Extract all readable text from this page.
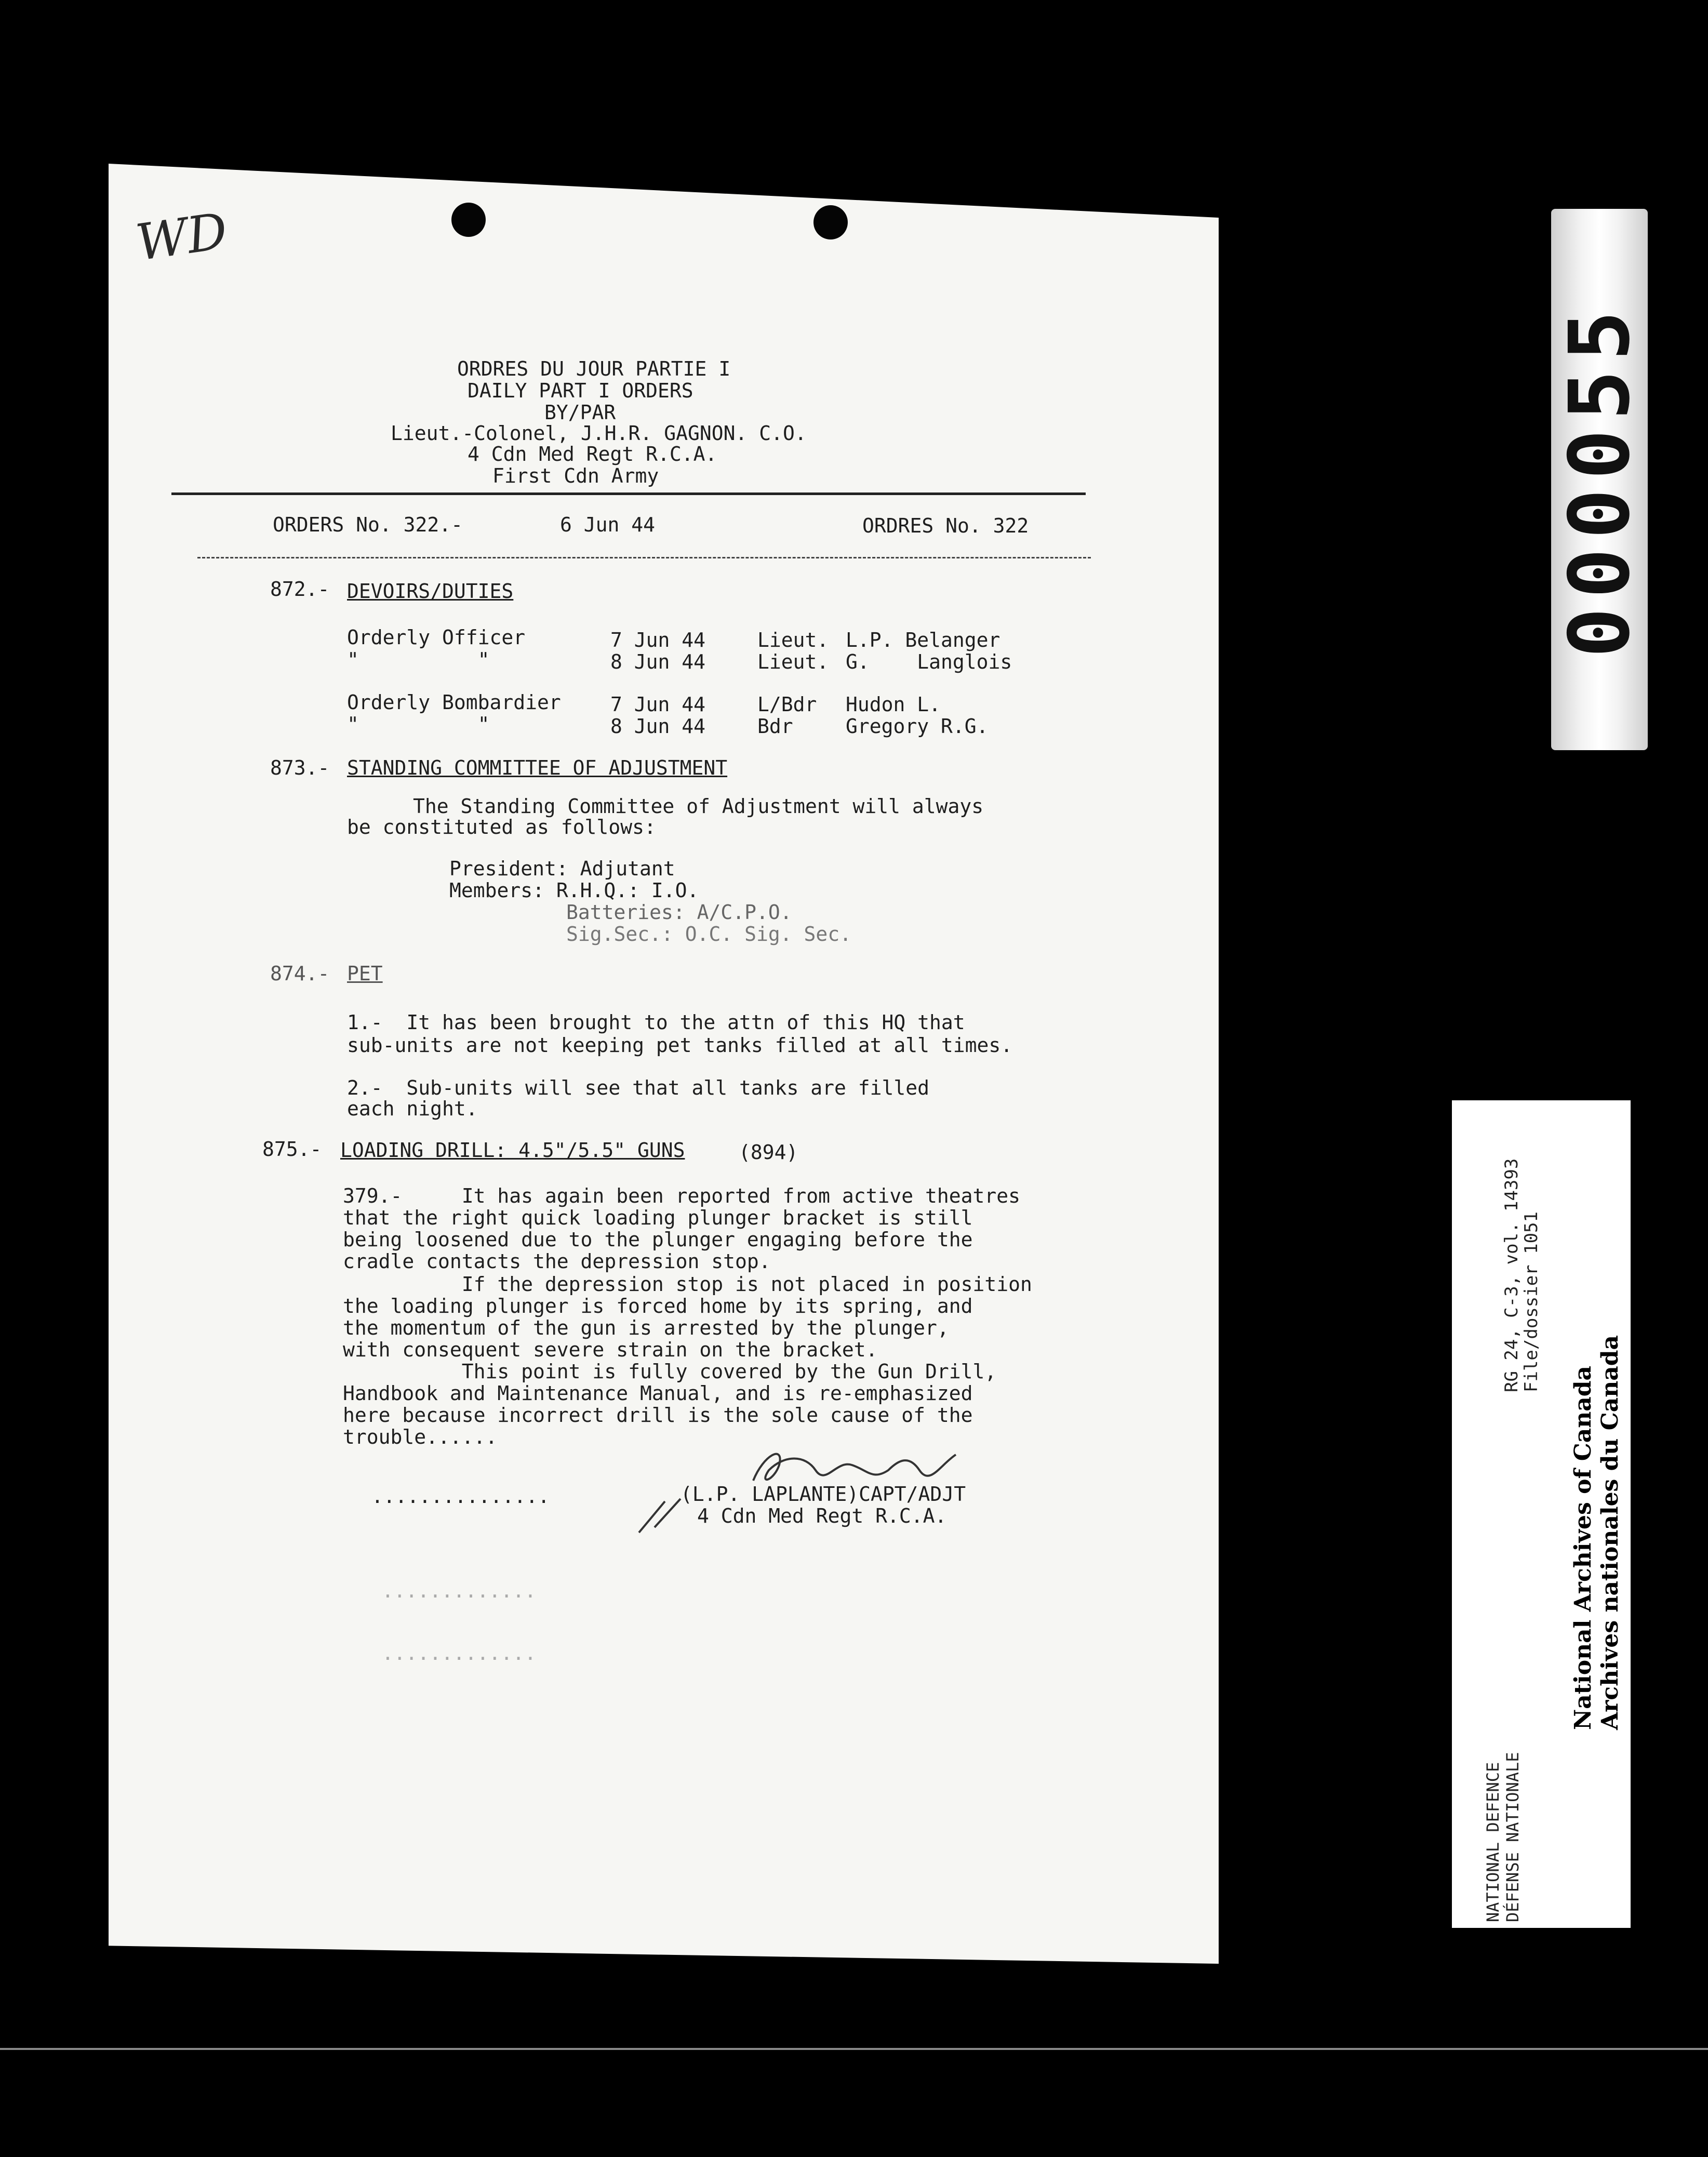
WD
ORDRES DU JOUR PARTIE I
DAILY PART I ORDERS
BY/PAR
Lieut.-Colonel, J.H.R. GAGNON. C.O.
4 Cdn Med Regt R.C.A.
First Cdn Army
ORDERS No. 322.-	6 Jun 44	ORDRES No. 322
872.- DEVOIRS/DUTIES
Orderly Officer	7 Jun 44	Lieut. L.P. Belanger
"          "	8 Jun 44	Lieut. G.    Langlois
Orderly Bombardier	7 Jun 44	L/Bdr Hudon L.
"          "	8 Jun 44	Bdr	Gregory R.G.
873.- STANDING COMMITTEE OF ADJUSTMENT
The Standing Committee of Adjustment will always
be constituted as follows:
President: Adjutant
Members: R.H.Q.: I.O.
Batteries: A/C.P.O.
Sig.Sec.: O.C. Sig. Sec.
874.- PET
1.-  It has been brought to the attn of this HQ that
sub-units are not keeping pet tanks filled at all times.
2.-  Sub-units will see that all tanks are filled
each night.
875.- LOADING DRILL: 4.5"/5.5" GUNS	(894)
379.-     It has again been reported from active theatres
that the right quick loading plunger bracket is still
being loosened due to the plunger engaging before the
cradle contacts the depression stop.
If the depression stop is not placed in position
the loading plunger is forced home by its spring, and
the momentum of the gun is arrested by the plunger,
with consequent severe strain on the bracket.
This point is fully covered by the Gun Drill,
Handbook and Maintenance Manual, and is re-emphasized
here because incorrect drill is the sole cause of the
trouble......
...............	(L.P. LAPLANTE)CAPT/ADJT
4 Cdn Med Regt R.C.A.
.............
.............
000055
National Archives of Canada Archives nationales du Canada
RG 24, C-3, vol. 14393
File/dossier 1051
NATIONAL DEFENCE DÉFENSE NATIONALE
